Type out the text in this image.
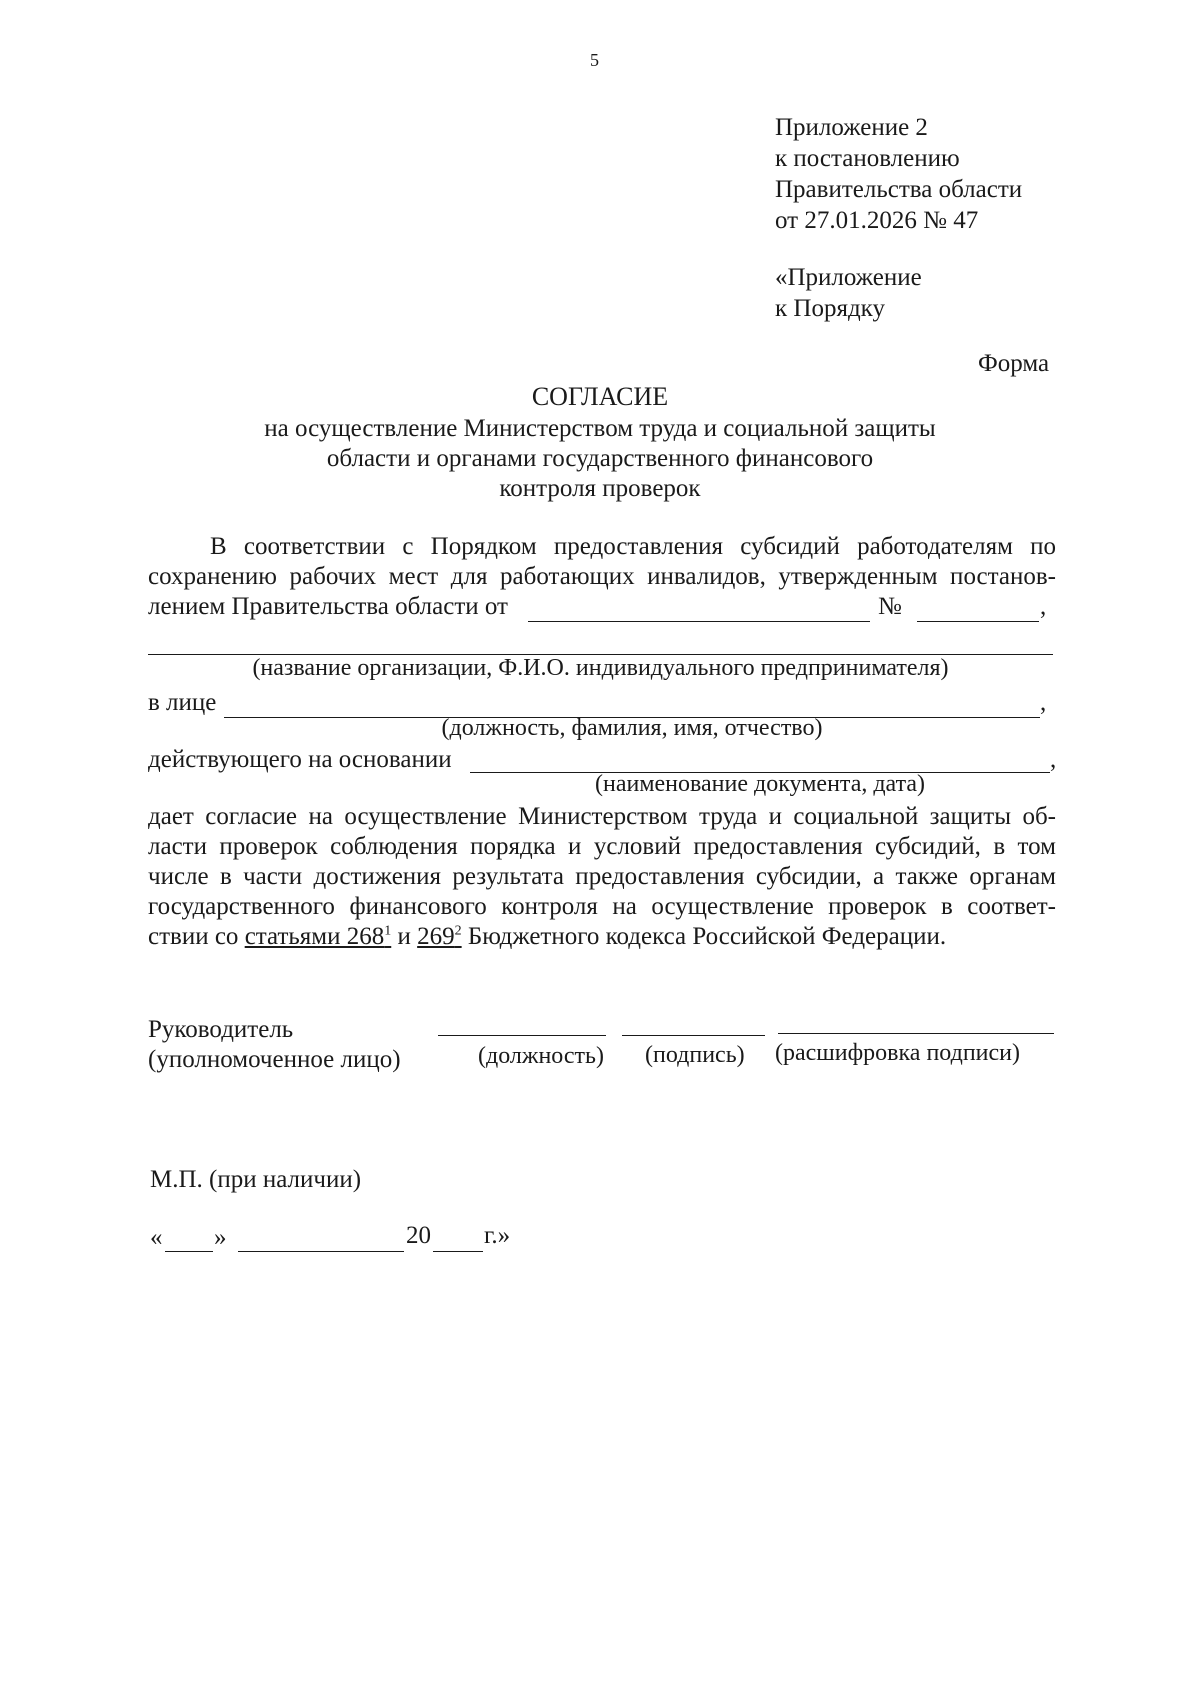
5
Приложение 2
к постановлению
Правительства области
от 27.01.2026 № 47
«Приложение
к Порядку
Форма
СОГЛАСИЕ
на осуществление Министерством труда и социальной защиты
области и органами государственного финансового
контроля проверок
В соответствии с Порядком предоставления субсидий работодателям по
сохранению рабочих мест для работающих инвалидов, утвержденным постанов-
лением Правительства области от	№	,
(название организации, Ф.И.О. индивидуального предпринимателя)
в лице	,
(должность, фамилия, имя, отчество)
действующего на основании	,
(наименование документа, дата)
дает согласие на осуществление Министерством труда и социальной защиты об-
ласти проверок соблюдения порядка и условий предоставления субсидий, в том
числе в части достижения результата предоставления субсидии, а также органам
государственного финансового контроля на осуществление проверок в соответ-
ствии со статьями $268^1$ и $269^2$ Бюджетного кодекса Российской Федерации.
Руководитель
(уполномоченное лицо)	(должность) (подпись) (расшифровка подписи)
М.П. (при наличии)
« »	20 г.»
